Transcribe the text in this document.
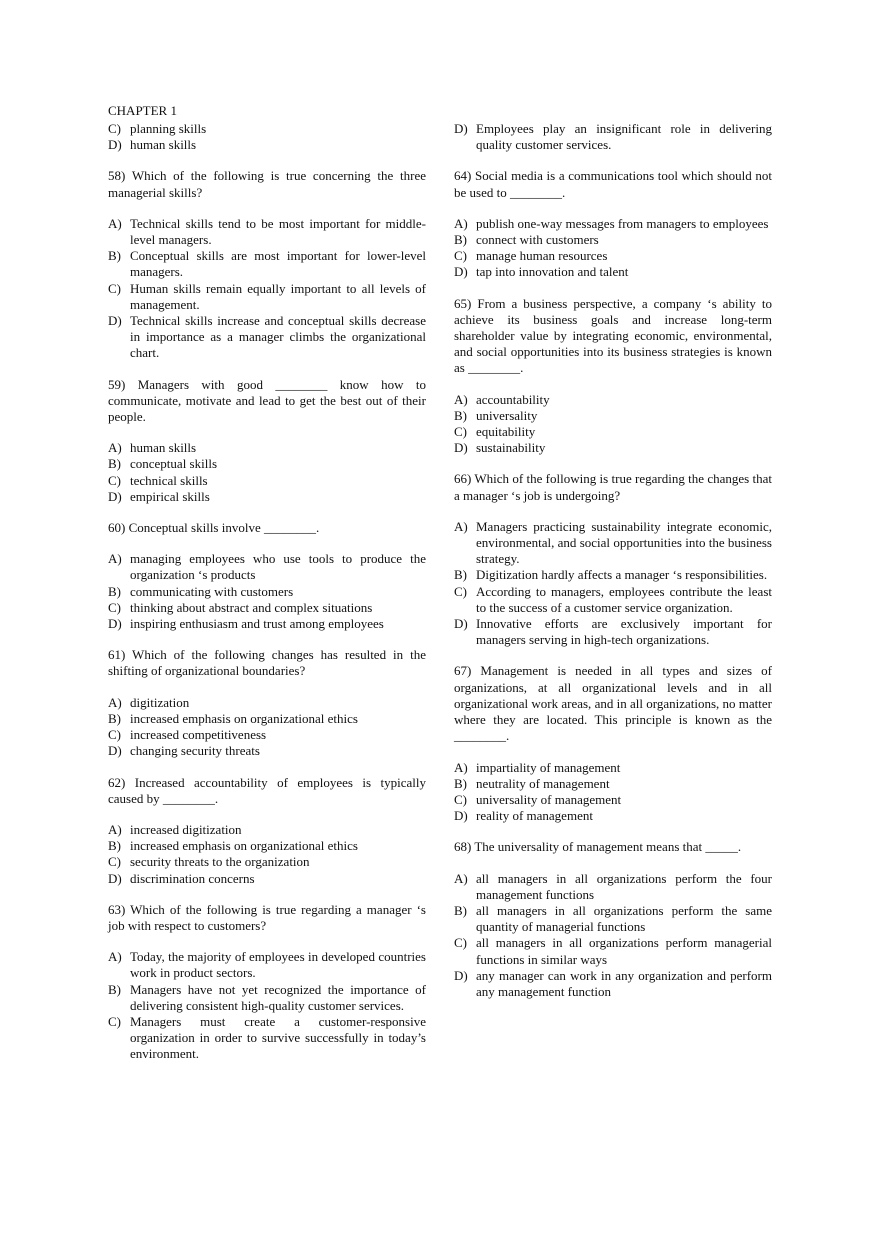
CHAPTER 1
C) planning skills
D) human skills
58) Which of the following is true concerning the three managerial skills?
A) Technical skills tend to be most important for middle-level managers.
B) Conceptual skills are most important for lower-level managers.
C) Human skills remain equally important to all levels of management.
D) Technical skills increase and conceptual skills decrease in importance as a manager climbs the organizational chart.
59) Managers with good ________ know how to communicate, motivate and lead to get the best out of their people.
A) human skills
B) conceptual skills
C) technical skills
D) empirical skills
60) Conceptual skills involve ________.
A) managing employees who use tools to produce the organization ‘s products
B) communicating with customers
C) thinking about abstract and complex situations
D) inspiring enthusiasm and trust among employees
61) Which of the following changes has resulted in the shifting of organizational boundaries?
A) digitization
B) increased emphasis on organizational ethics
C) increased competitiveness
D) changing security threats
62) Increased accountability of employees is typically caused by ________.
A) increased digitization
B) increased emphasis on organizational ethics
C) security threats to the organization
D) discrimination concerns
63) Which of the following is true regarding a manager ‘s job with respect to customers?
A) Today, the majority of employees in developed countries work in product sectors.
B) Managers have not yet recognized the importance of delivering consistent high-quality customer services.
C) Managers must create a customer-responsive organization in order to survive successfully in today’s environment.
D) Employees play an insignificant role in delivering quality customer services.
64) Social media is a communications tool which should not be used to ________.
A) publish one-way messages from managers to employees
B) connect with customers
C) manage human resources
D) tap into innovation and talent
65) From a business perspective, a company ‘s ability to achieve its business goals and increase long-term shareholder value by integrating economic, environmental, and social opportunities into its business strategies is known as ________.
A) accountability
B) universality
C) equitability
D) sustainability
66) Which of the following is true regarding the changes that a manager ‘s job is undergoing?
A) Managers practicing sustainability integrate economic, environmental, and social opportunities into the business strategy.
B) Digitization hardly affects a manager ‘s responsibilities.
C) According to managers, employees contribute the least to the success of a customer service organization.
D) Innovative efforts are exclusively important for managers serving in high-tech organizations.
67) Management is needed in all types and sizes of organizations, at all organizational levels and in all organizational work areas, and in all organizations, no matter where they are located. This principle is known as the ________.
A) impartiality of management
B) neutrality of management
C) universality of management
D) reality of management
68) The universality of management means that _____.
A) all managers in all organizations perform the four management functions
B) all managers in all organizations perform the same quantity of managerial functions
C) all managers in all organizations perform managerial functions in similar ways
D) any manager can work in any organization and perform any management function
